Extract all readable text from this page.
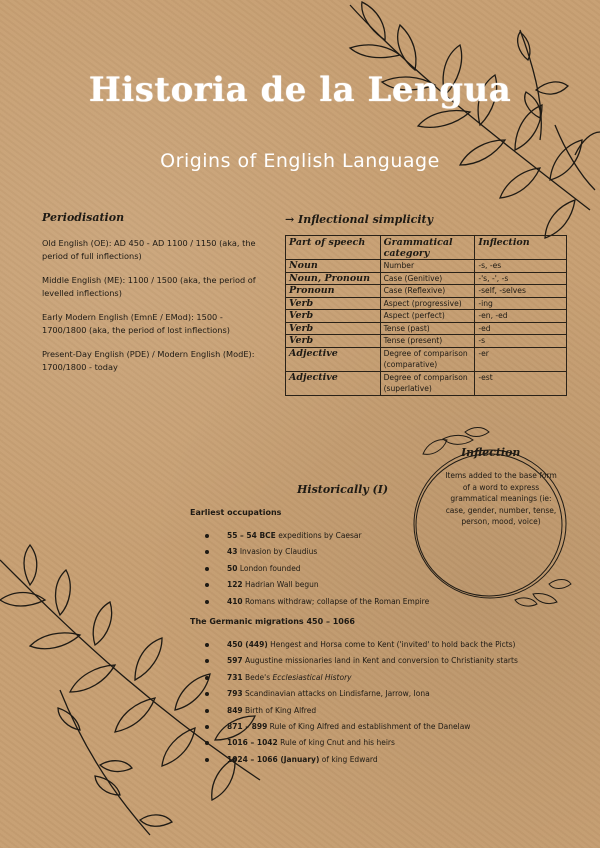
Historia de la Lengua
Origins of English Language
Periodisation

Old English (OE): AD 450 - AD 1100 / 1150 (aka, the period of full inflections)

Middle English (ME): 1100 / 1500 (aka, the period of levelled inflections)

Early Modern English (EmnE / EMod): 1500 - 1700/1800 (aka, the period of lost inflections)

Present-Day English (PDE) / Modern English (ModE): 1700/1800 - today

→ Inflectional simplicity
Part of speech	Grammatical category	Inflection
Noun	Number	-s, -es
Noun, Pronoun	Case (Genitive)	-'s, -', -s
Pronoun	Case (Reflexive)	-self, -selves
Verb	Aspect (progressive)	-ing
Verb	Aspect (perfect)	-en, -ed
Verb	Tense (past)	-ed
Verb	Tense (present)	-s
Adjective	Degree of comparison (comparative)	-er
Adjective	Degree of comparison (superlative)	-est
Inflection
Items added to the base form of a word to express grammatical meanings (ie: case, gender, number, tense, person, mood, voice)
Historically (I)
Earliest occupations
55 – 54 BCE expeditions by Caesar
43 Invasion by Claudius
50 London founded
122 Hadrian Wall begun
410 Romans withdraw; collapse of the Roman Empire
The Germanic migrations 450 – 1066
450 (449) Hengest and Horsa come to Kent ('invited' to hold back the Picts)
597 Augustine missionaries land in Kent and conversion to Christianity starts
731 Bede's Ecclesiastical History
793 Scandinavian attacks on Lindisfarne, Jarrow, Iona
849 Birth of King Alfred
871 – 899 Rule of King Alfred and establishment of the Danelaw
1016 – 1042 Rule of king Cnut and his heirs
1024 – 1066 (January) of king Edward
